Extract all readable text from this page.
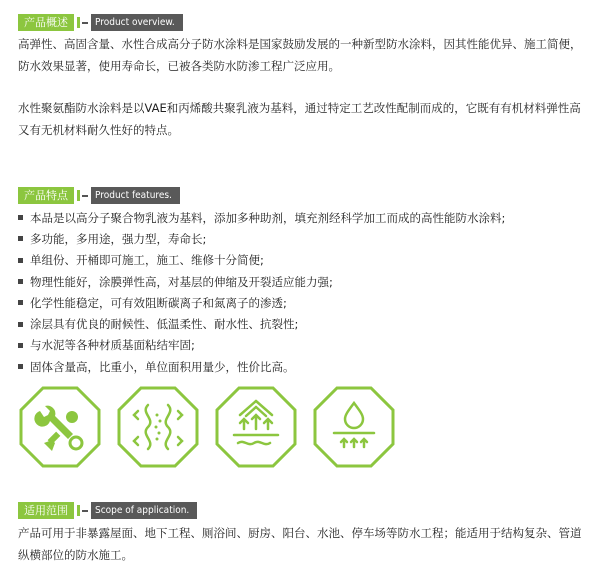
产品概述	Product overview.

高弹性、高固含量、水性合成高分子防水涂料是国家鼓励发展的一种新型防水涂料，因其性能优异、施工简便，防水效果显著，使用寿命长，已被各类防水防渗工程广泛应用。

水性聚氨酯防水涂料是以VAE和丙烯酸共聚乳液为基料，通过特定工艺改性配制而成的，它既有有机材料弹性高又有无机材料耐久性好的特点。

产品特点	Product features.
本品是以高分子聚合物乳液为基料，添加多种助剂，填充剂经科学加工而成的高性能防水涂料;
多功能，多用途，强力型，寿命长;
单组份、开桶即可施工，施工、维修十分简便;
物理性能好，涂膜弹性高，对基层的伸缩及开裂适应能力强;
化学性能稳定，可有效阻断碳离子和氮离子的渗透;
涂层具有优良的耐候性、低温柔性、耐水性、抗裂性;
与水泥等各种材质基面粘结牢固;
固体含量高，比重小，单位面积用量少，性价比高。
适用范围	Scope of application.

产品可用于非暴露屋面、地下工程、厕浴间、厨房、阳台、水池、停车场等防水工程；能适用于结构复杂、管道纵横部位的防水施工。
